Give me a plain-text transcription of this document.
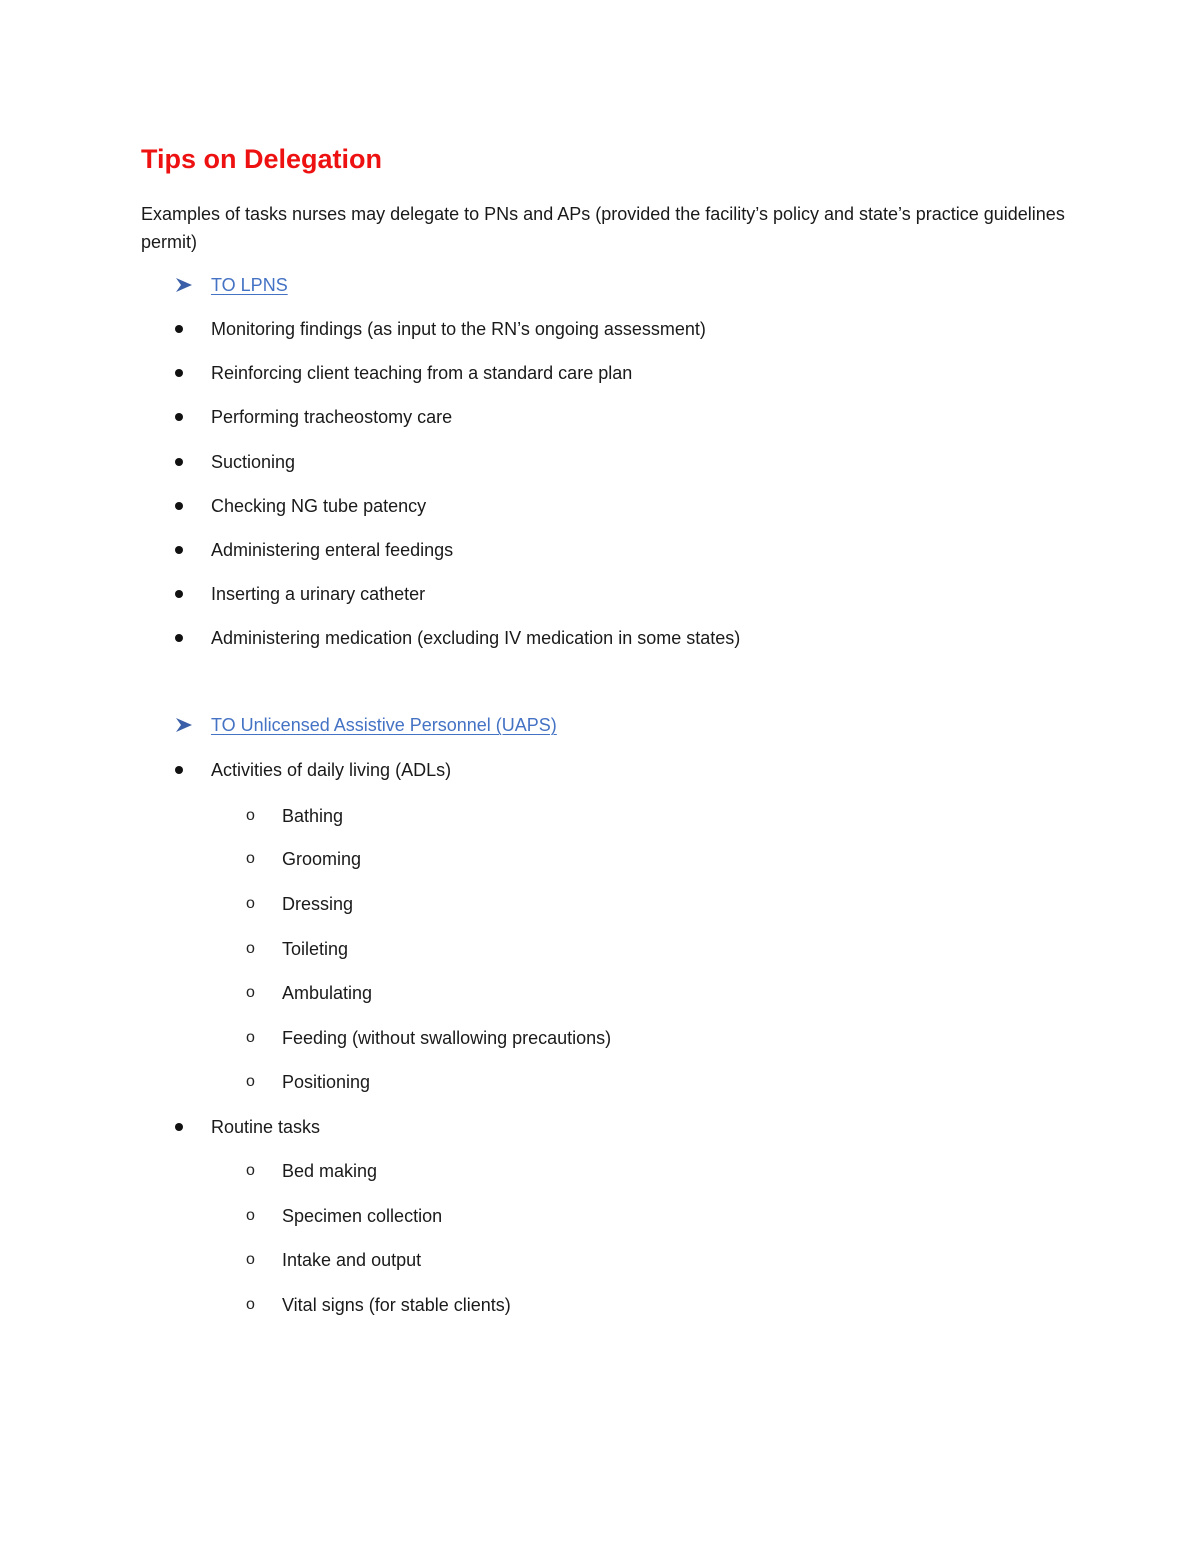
Tips on Delegation
Examples of tasks nurses may delegate to PNs and APs (provided the facility’s policy and state’s practice guidelines permit)
TO LPNS
Monitoring findings (as input to the RN’s ongoing assessment)
Reinforcing client teaching from a standard care plan
Performing tracheostomy care
Suctioning
Checking NG tube patency
Administering enteral feedings
Inserting a urinary catheter
Administering medication (excluding IV medication in some states)
TO Unlicensed Assistive Personnel (UAPS)
Activities of daily living (ADLs)
o Bathing
o Grooming
o Dressing
o Toileting
o Ambulating
o Feeding (without swallowing precautions)
o Positioning
Routine tasks
o Bed making
o Specimen collection
o Intake and output
o Vital signs (for stable clients)
